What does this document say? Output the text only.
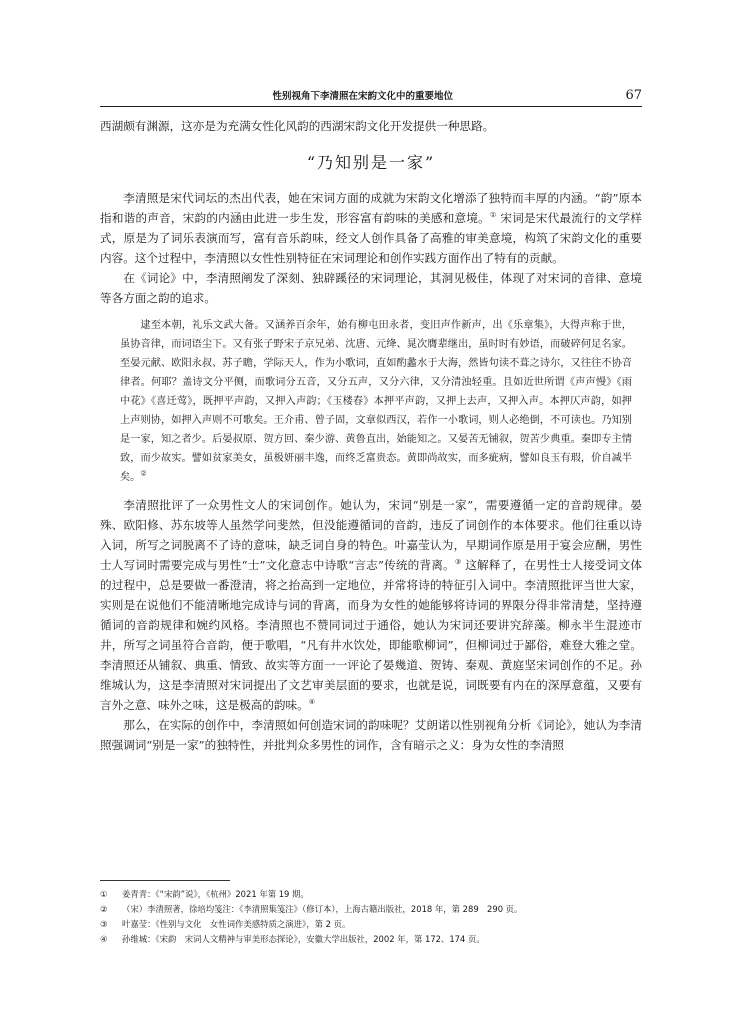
性别视角下李清照在宋韵文化中的重要地位	67

西湖颇有渊源，这亦是为充满女性化风韵的西湖宋韵文化开发提供一种思路。

“乃知别是一家”

李清照是宋代词坛的杰出代表，她在宋词方面的成就为宋韵文化增添了独特而丰厚的内涵。“韵”原本指和谐的声音，宋韵的内涵由此进一步生发，形容富有韵味的美感和意境。① 宋词是宋代最流行的文学样式，原是为了词乐表演而写，富有音乐韵味，经文人创作具备了高雅的审美意境，构筑了宋韵文化的重要内容。这个过程中，李清照以女性性别特征在宋词理论和创作实践方面作出了特有的贡献。

在《词论》中，李清照阐发了深刻、独辟蹊径的宋词理论，其洞见极佳，体现了对宋词的音律、意境等各方面之韵的追求。

逮至本朝，礼乐文武大备。又涵养百余年，始有柳屯田永者，变旧声作新声，出《乐章集》，大得声称于世，虽协音律，而词语尘下。又有张子野宋子京兄弟、沈唐、元绛、晁次膺辈继出，虽时时有妙语，而破碎何足名家。至晏元献、欧阳永叔、苏子瞻，学际天人，作为小歌词，直如酌蠡水于大海，然皆句读不葺之诗尔，又往往不协音律者。何耶？盖诗文分平侧，而歌词分五音，又分五声，又分六律，又分清浊轻重。且如近世所谓《声声慢》《雨中花》《喜迁莺》，既押平声韵，又押入声韵；《玉楼春》本押平声韵，又押上去声，又押入声。本押仄声韵，如押上声则协，如押入声则不可歌矣。王介甫、曾子固，文章似西汉，若作一小歌词，则人必绝倒，不可读也。乃知别是一家，知之者少。后晏叔原、贺方回、秦少游、黄鲁直出，始能知之。又晏苦无铺叙，贺苦少典重。秦即专主情致，而少故实。譬如贫家美女，虽极妍丽丰逸，而终乏富贵态。黄即尚故实，而多疵病，譬如良玉有瑕，价自减半矣。②

李清照批评了一众男性文人的宋词创作。她认为，宋词“别是一家”，需要遵循一定的音韵规律。晏殊、欧阳修、苏东坡等人虽然学问斐然，但没能遵循词的音韵，违反了词创作的本体要求。他们往重以诗入词，所写之词脱离不了诗的意味，缺乏词自身的特色。叶嘉莹认为，早期词作原是用于宴会应酬，男性士人写词时需要完成与男性“士”文化意志中诗歌“言志”传统的背离。③ 这解释了，在男性士人接受词文体的过程中，总是要做一番澄清，将之抬高到一定地位，并常将诗的特征引入词中。李清照批评当世大家，实则是在说他们不能清晰地完成诗与词的背离，而身为女性的她能够将诗词的界限分得非常清楚，坚持遵循词的音韵规律和婉约风格。李清照也不赞同词过于通俗，她认为宋词还要讲究辞藻。柳永半生混迹市井，所写之词虽符合音韵，便于歌唱，“凡有井水饮处，即能歌柳词”，但柳词过于鄙俗，难登大雅之堂。李清照还从铺叙、典重、情致、故实等方面一一评论了晏幾道、贺铸、秦观、黄庭坚宋词创作的不足。孙维城认为，这是李清照对宋词提出了文艺审美层面的要求，也就是说，词既要有内在的深厚意蕴，又要有言外之意、味外之味，这是极高的韵味。④

那么，在实际的创作中，李清照如何创造宋词的韵味呢？艾朗诺以性别视角分析《词论》，她认为李清照强调词“别是一家”的独特性，并批判众多男性的词作，含有暗示之义：身为女性的李清照

①	姜青青：《“宋韵”说》，《杭州》2021 年第 19 期。
②	（宋）李清照著，徐培均笺注：《李清照集笺注》（修订本），上海古籍出版社，2018 年，第 289　290 页。
③	叶嘉莹：《性别与文化　女性词作美感特质之演进》，第 2 页。
④	孙维城：《宋韵　宋词人文精神与审美形态探论》，安徽大学出版社，2002 年，第 172、174 页。
